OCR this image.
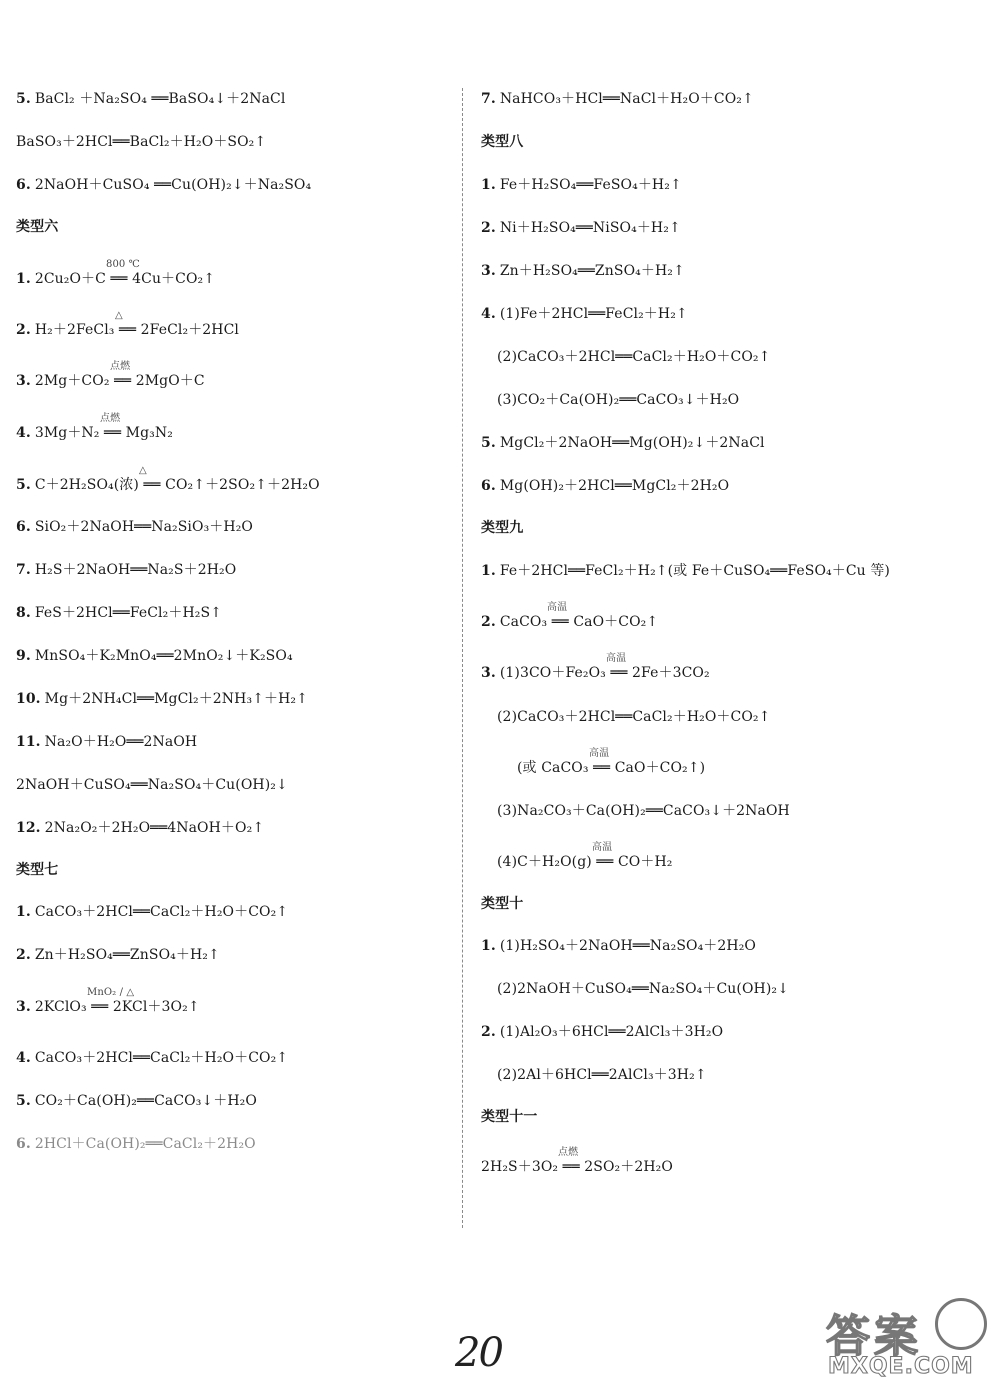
5. BaCl₂ ＋Na₂SO₄ ══BaSO₄↓＋2NaCl
BaSO₃＋2HCl══BaCl₂＋H₂O＋SO₂↑
6. 2NaOH＋CuSO₄ ══Cu(OH)₂↓＋Na₂SO₄
类型六
1. 2Cu₂O＋C ══ 4Cu＋CO₂↑
800 ℃
2. H₂＋2FeCl₃ ══ 2FeCl₂＋2HCl
△
3. 2Mg＋CO₂ ══ 2MgO＋C
点燃
4. 3Mg＋N₂ ══ Mg₃N₂
点燃
5. C＋2H₂SO₄(浓) ══ CO₂↑＋2SO₂↑＋2H₂O
△
6. SiO₂＋2NaOH══Na₂SiO₃＋H₂O
7. H₂S＋2NaOH══Na₂S＋2H₂O
8. FeS＋2HCl══FeCl₂＋H₂S↑
9. MnSO₄＋K₂MnO₄══2MnO₂↓＋K₂SO₄
10. Mg＋2NH₄Cl══MgCl₂＋2NH₃↑＋H₂↑
11. Na₂O＋H₂O══2NaOH
2NaOH＋CuSO₄══Na₂SO₄＋Cu(OH)₂↓
12. 2Na₂O₂＋2H₂O══4NaOH＋O₂↑
类型七
1. CaCO₃＋2HCl══CaCl₂＋H₂O＋CO₂↑
2. Zn＋H₂SO₄══ZnSO₄＋H₂↑
3. 2KClO₃ ══ 2KCl＋3O₂↑
MnO₂ / △
4. CaCO₃＋2HCl══CaCl₂＋H₂O＋CO₂↑
5. CO₂＋Ca(OH)₂══CaCO₃↓＋H₂O
6. 2HCl＋Ca(OH)₂══CaCl₂＋2H₂O
7. NaHCO₃＋HCl══NaCl＋H₂O＋CO₂↑
类型八
1. Fe＋H₂SO₄══FeSO₄＋H₂↑
2. Ni＋H₂SO₄══NiSO₄＋H₂↑
3. Zn＋H₂SO₄══ZnSO₄＋H₂↑
4. (1)Fe＋2HCl══FeCl₂＋H₂↑
(2)CaCO₃＋2HCl══CaCl₂＋H₂O＋CO₂↑
(3)CO₂＋Ca(OH)₂══CaCO₃↓＋H₂O
5. MgCl₂＋2NaOH══Mg(OH)₂↓＋2NaCl
6. Mg(OH)₂＋2HCl══MgCl₂＋2H₂O
类型九
1. Fe＋2HCl══FeCl₂＋H₂↑(或 Fe＋CuSO₄══FeSO₄＋Cu 等)
2. CaCO₃ ══ CaO＋CO₂↑
高温
3. (1)3CO＋Fe₂O₃ ══ 2Fe＋3CO₂
高温
(2)CaCO₃＋2HCl══CaCl₂＋H₂O＋CO₂↑
(或 CaCO₃ ══ CaO＋CO₂↑)
高温
(3)Na₂CO₃＋Ca(OH)₂══CaCO₃↓＋2NaOH
(4)C＋H₂O(g) ══ CO＋H₂
高温
类型十
1. (1)H₂SO₄＋2NaOH══Na₂SO₄＋2H₂O
(2)2NaOH＋CuSO₄══Na₂SO₄＋Cu(OH)₂↓
2. (1)Al₂O₃＋6HCl══2AlCl₃＋3H₂O
(2)2Al＋6HCl══2AlCl₃＋3H₂↑
类型十一
2H₂S＋3O₂ ══ 2SO₂＋2H₂O
点燃
20	答案
MXQE.COM
